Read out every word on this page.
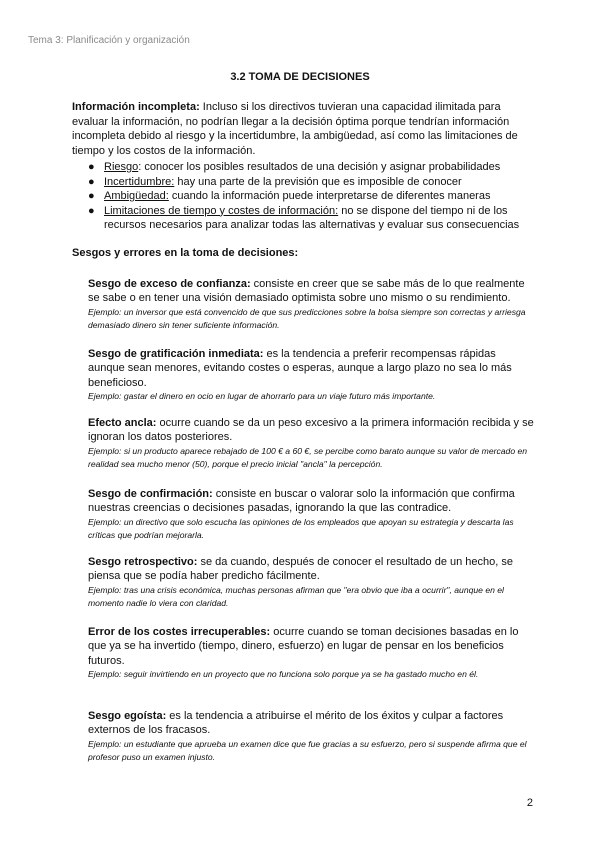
Tema 3: Planificación y organización
3.2 TOMA DE DECISIONES
Información incompleta: Incluso si los directivos tuvieran una capacidad ilimitada para evaluar la información, no podrían llegar a la decisión óptima porque tendrían información incompleta debido al riesgo y la incertidumbre, la ambigüedad, así como las limitaciones de tiempo y los costos de la información.
● Riesgo: conocer los posibles resultados de una decisión y asignar probabilidades
● Incertidumbre: hay una parte de la previsión que es imposible de conocer
● Ambigüedad: cuando la información puede interpretarse de diferentes maneras
● Limitaciones de tiempo y costes de información: no se dispone del tiempo ni de los recursos necesarios para analizar todas las alternativas y evaluar sus consecuencias
Sesgos y errores en la toma de decisiones:
Sesgo de exceso de confianza: consiste en creer que se sabe más de lo que realmente se sabe o en tener una visión demasiado optimista sobre uno mismo o su rendimiento.
Ejemplo: un inversor que está convencido de que sus predicciones sobre la bolsa siempre son correctas y arriesga demasiado dinero sin tener suficiente información.
Sesgo de gratificación inmediata: es la tendencia a preferir recompensas rápidas aunque sean menores, evitando costes o esperas, aunque a largo plazo no sea lo más beneficioso.
Ejemplo: gastar el dinero en ocio en lugar de ahorrarlo para un viaje futuro más importante.
Efecto ancla: ocurre cuando se da un peso excesivo a la primera información recibida y se ignoran los datos posteriores.
Ejemplo: si un producto aparece rebajado de 100 € a 60 €, se percibe como barato aunque su valor de mercado en realidad sea mucho menor (50), porque el precio inicial "ancla" la percepción.
Sesgo de confirmación: consiste en buscar o valorar solo la información que confirma nuestras creencias o decisiones pasadas, ignorando la que las contradice.
Ejemplo: un directivo que solo escucha las opiniones de los empleados que apoyan su estrategia y descarta las críticas que podrían mejorarla.
Sesgo retrospectivo: se da cuando, después de conocer el resultado de un hecho, se piensa que se podía haber predicho fácilmente.
Ejemplo: tras una crisis económica, muchas personas afirman que "era obvio que iba a ocurrir", aunque en el momento nadie lo viera con claridad.
Error de los costes irrecuperables: ocurre cuando se toman decisiones basadas en lo que ya se ha invertido (tiempo, dinero, esfuerzo) en lugar de pensar en los beneficios futuros.
Ejemplo: seguir invirtiendo en un proyecto que no funciona solo porque ya se ha gastado mucho en él.
Sesgo egoísta: es la tendencia a atribuirse el mérito de los éxitos y culpar a factores externos de los fracasos.
Ejemplo: un estudiante que aprueba un examen dice que fue gracias a su esfuerzo, pero si suspende afirma que el profesor puso un examen injusto.
2
